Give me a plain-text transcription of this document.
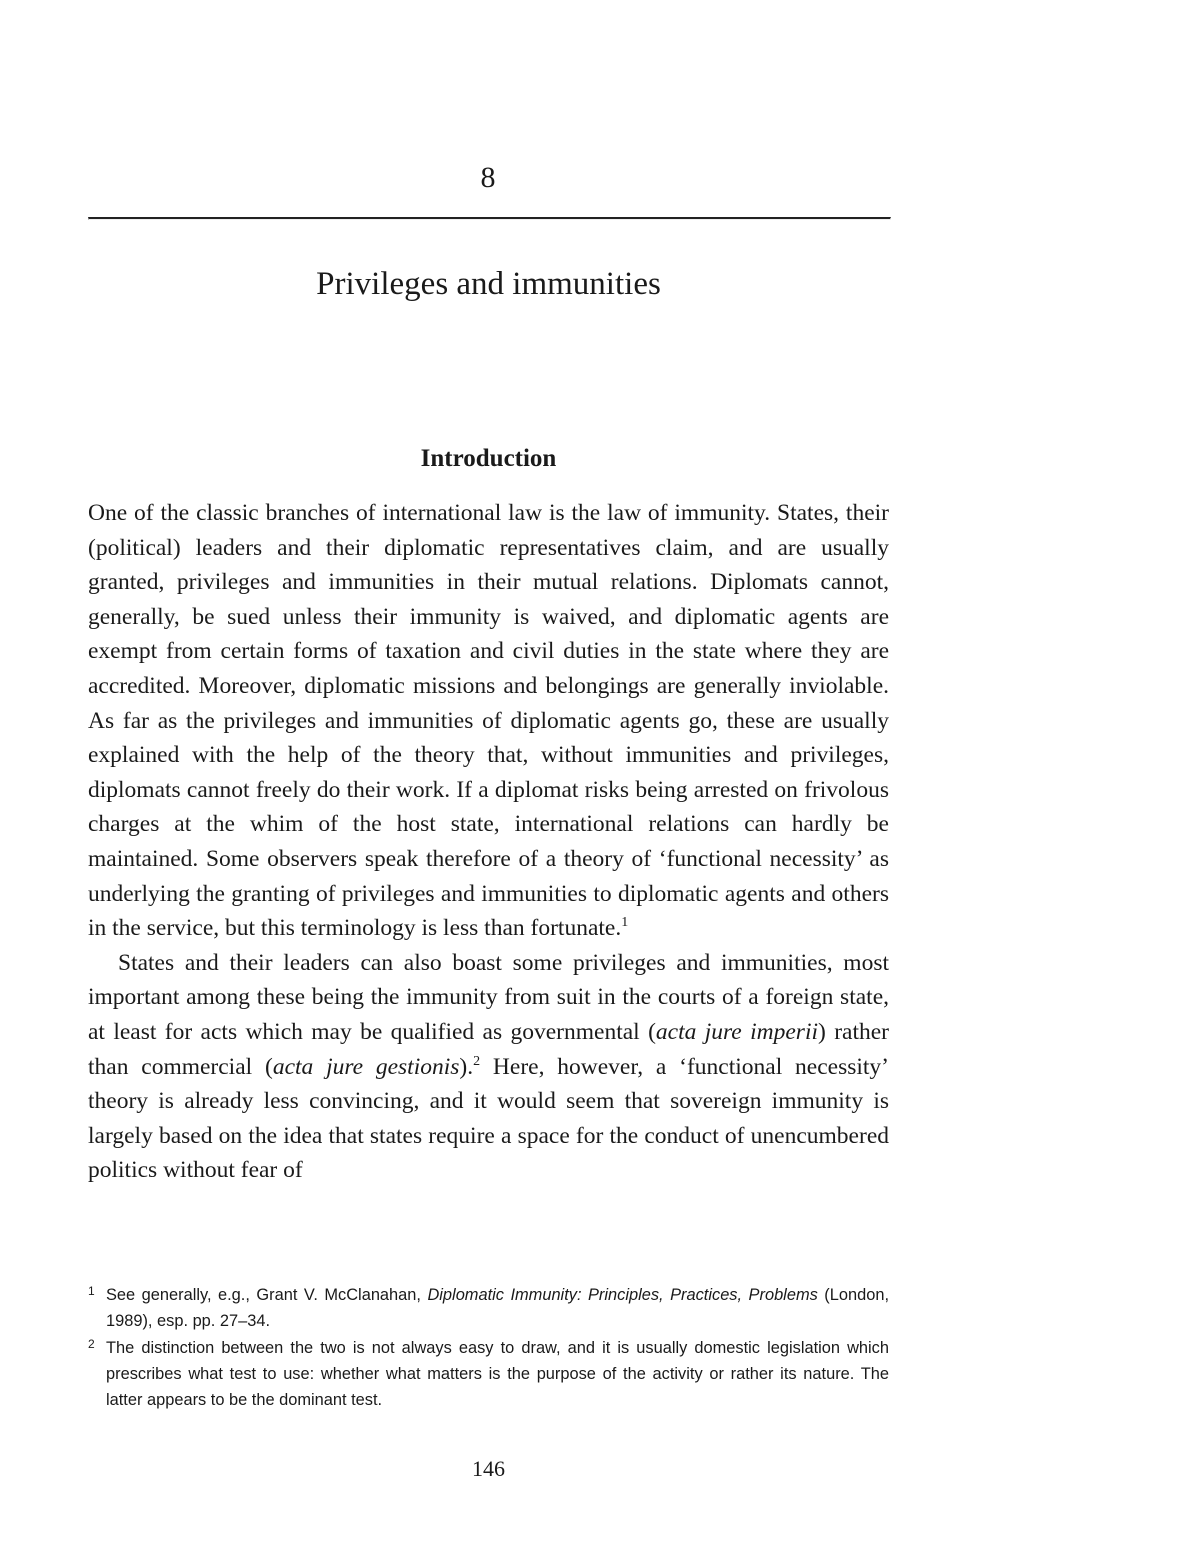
8
Privileges and immunities
Introduction

One of the classic branches of international law is the law of immunity. States, their (political) leaders and their diplomatic representatives claim, and are usually granted, privileges and immunities in their mutual relations. Diplomats cannot, generally, be sued unless their immunity is waived, and diplomatic agents are exempt from certain forms of taxation and civil duties in the state where they are accredited. Moreover, diplomatic missions and belongings are generally inviolable. As far as the privileges and immunities of diplomatic agents go, these are usually explained with the help of the theory that, without immunities and privileges, diplomats cannot freely do their work. If a diplomat risks being arrested on frivolous charges at the whim of the host state, international relations can hardly be maintained. Some observers speak therefore of a theory of ‘functional necessity’ as underlying the granting of privileges and immunities to diplomatic agents and others in the service, but this terminology is less than fortunate.$^1$

States and their leaders can also boast some privileges and immunities, most important among these being the immunity from suit in the courts of a foreign state, at least for acts which may be qualified as governmental (acta jure imperii) rather than commercial (acta jure gestionis).$^2$ Here, however, a ‘functional necessity’ theory is already less convincing, and it would seem that sovereign immunity is largely based on the idea that states require a space for the conduct of unencumbered politics without fear of

1 See generally, e.g., Grant V. McClanahan, Diplomatic Immunity: Principles, Practices, Problems (London, 1989), esp. pp. 27–34.

2 The distinction between the two is not always easy to draw, and it is usually domestic legislation which prescribes what test to use: whether what matters is the purpose of the activity or rather its nature. The latter appears to be the dominant test.

146
